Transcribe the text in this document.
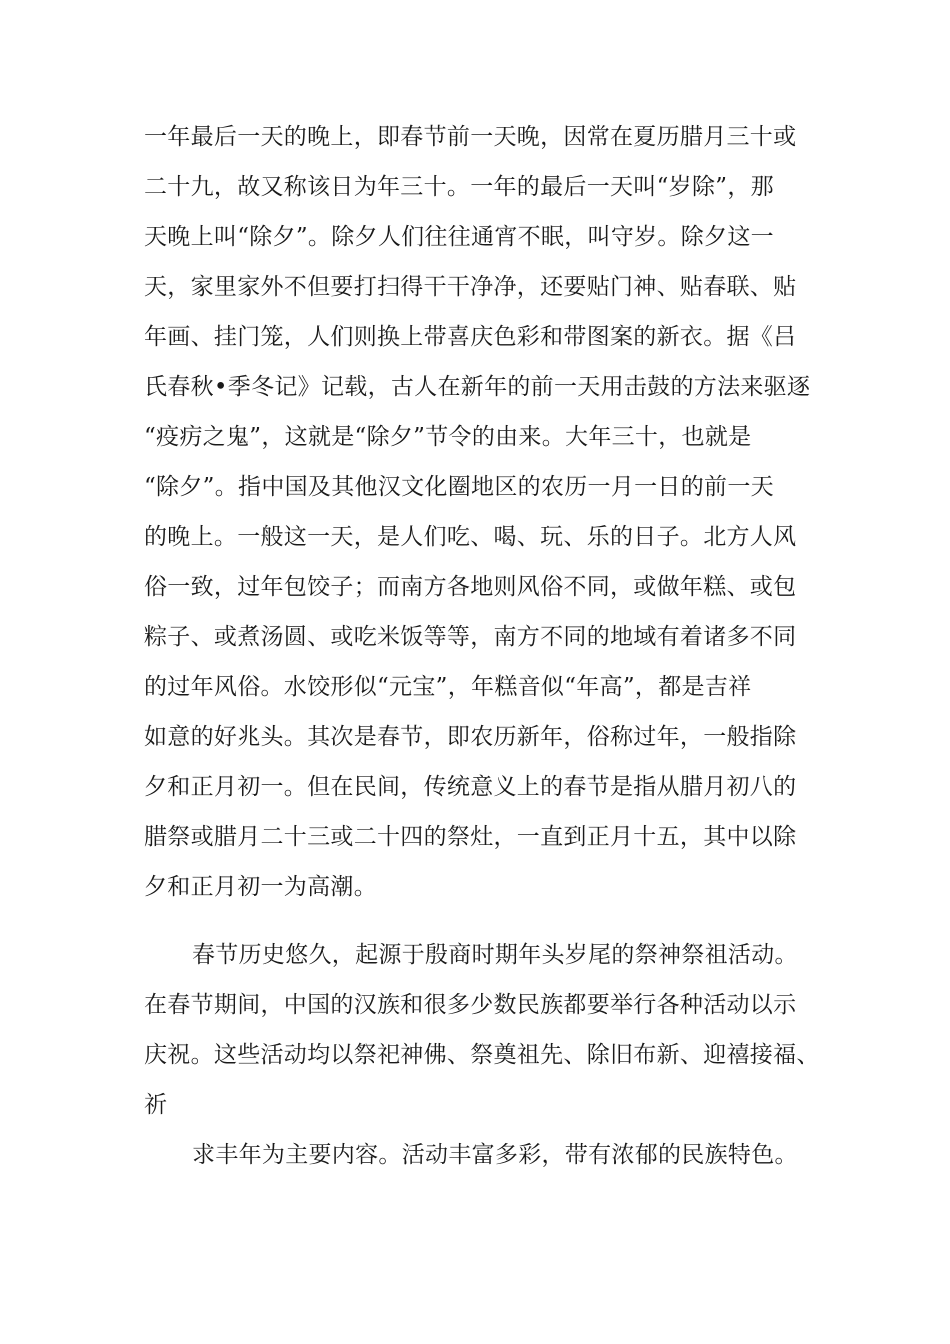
一年最后一天的晚上，即春节前一天晚，因常在夏历腊月三十或
二十九，故又称该日为年三十。一年的最后一天叫“岁除”，那
天晚上叫“除夕”。除夕人们往往通宵不眠，叫守岁。除夕这一
天，家里家外不但要打扫得干干净净，还要贴门神、贴春联、贴
年画、挂门笼，人们则换上带喜庆色彩和带图案的新衣。据《吕
氏春秋•季冬记》记载，古人在新年的前一天用击鼓的方法来驱逐
“疫疠之鬼”，这就是“除夕”节令的由来。大年三十，也就是
“除夕”。指中国及其他汉文化圈地区的农历一月一日的前一天
的晚上。一般这一天，是人们吃、喝、玩、乐的日子。北方人风
俗一致，过年包饺子；而南方各地则风俗不同，或做年糕、或包
粽子、或煮汤圆、或吃米饭等等，南方不同的地域有着诸多不同
的过年风俗。水饺形似“元宝”，年糕音似“年高”，都是吉祥
如意的好兆头。其次是春节，即农历新年，俗称过年，一般指除
夕和正月初一。但在民间，传统意义上的春节是指从腊月初八的
腊祭或腊月二十三或二十四的祭灶，一直到正月十五，其中以除
夕和正月初一为高潮。
春节历史悠久，起源于殷商时期年头岁尾的祭神祭祖活动。
在春节期间，中国的汉族和很多少数民族都要举行各种活动以示
庆祝。这些活动均以祭祀神佛、祭奠祖先、除旧布新、迎禧接福、
祈
求丰年为主要内容。活动丰富多彩，带有浓郁的民族特色。
